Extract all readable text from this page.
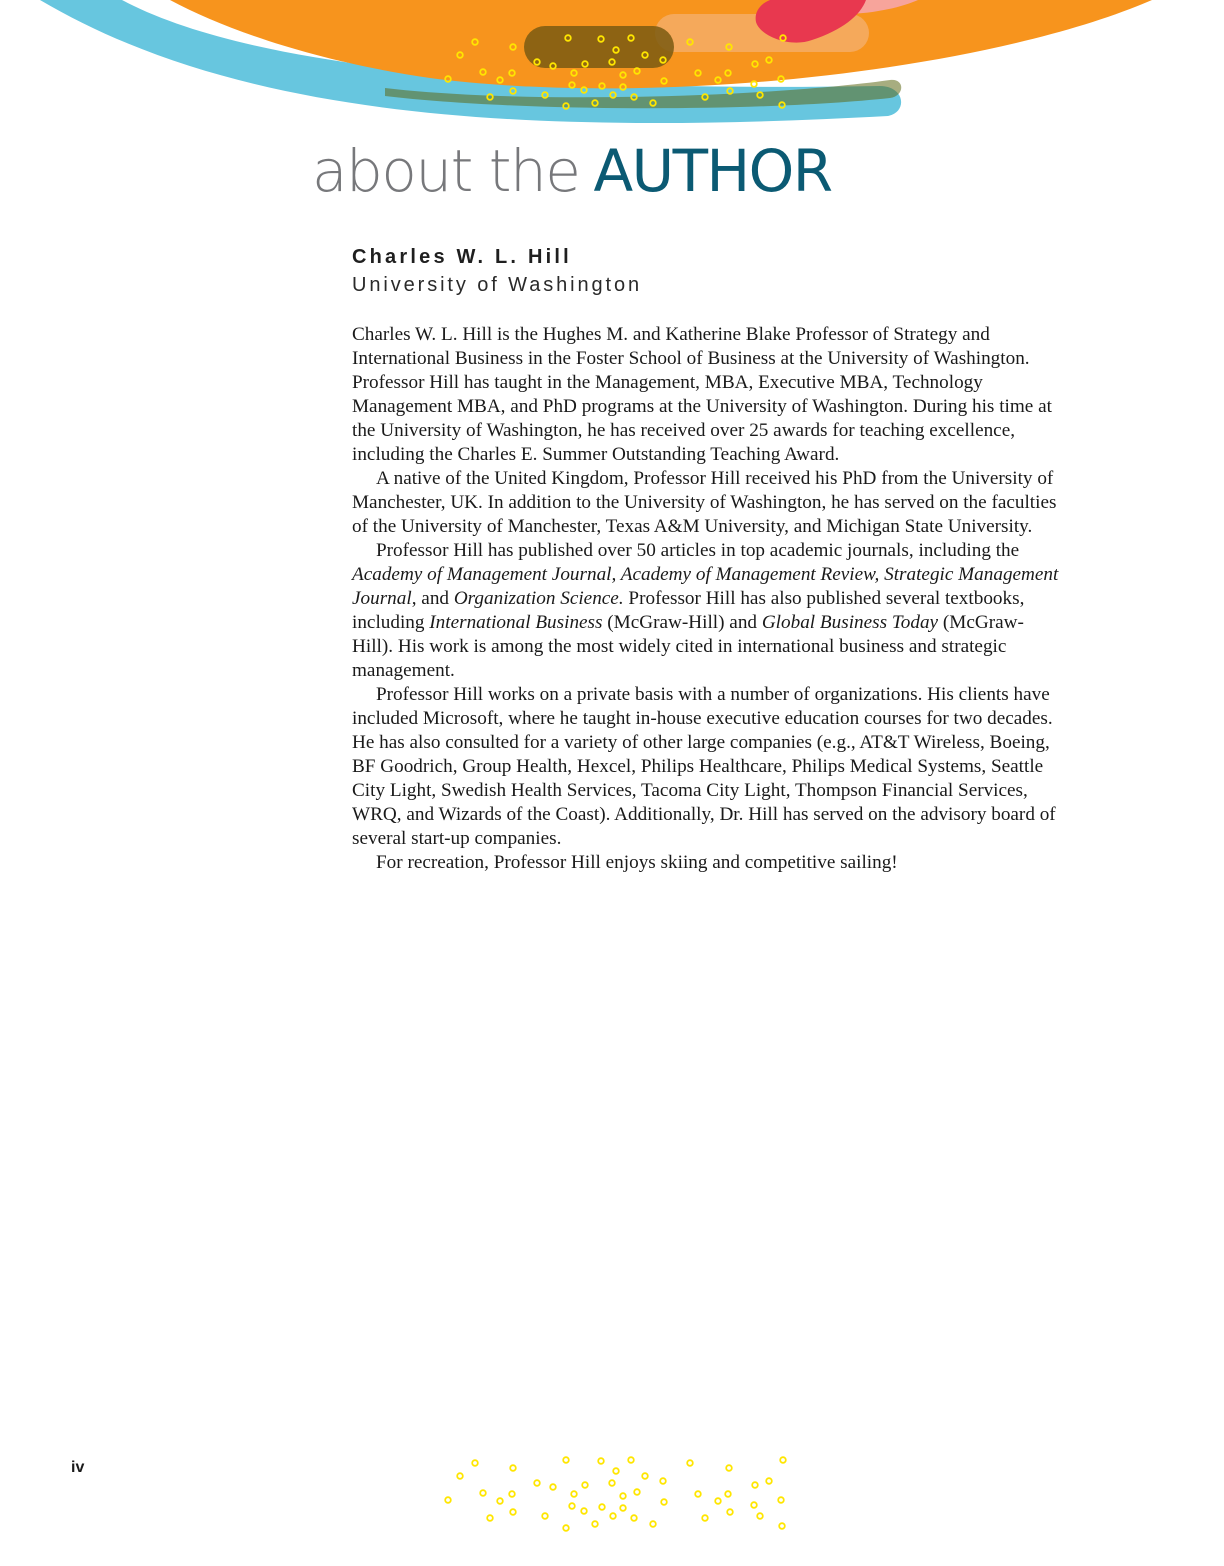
about the AUTHOR
Charles W. L. Hill
University of Washington

Charles W. L. Hill is the Hughes M. and Katherine Blake Professor of Strategy and International Business in the Foster School of Business at the University of Washington. Professor Hill has taught in the Management, MBA, Executive MBA, Technology Management MBA, and PhD programs at the University of Washington. During his time at the University of Washington, he has received over 25 awards for teaching excellence, including the Charles E. Summer Outstanding Teaching Award.

A native of the United Kingdom, Professor Hill received his PhD from the University of Manchester, UK. In addition to the University of Washington, he has served on the faculties of the University of Manchester, Texas A&M University, and Michigan State University.

Professor Hill has published over 50 articles in top academic journals, including the Academy of Management Journal, Academy of Management Review, Strategic Management Journal, and Organization Science. Professor Hill has also published several textbooks, including International Business (McGraw-Hill) and Global Business Today (McGraw-Hill). His work is among the most widely cited in international business and strategic management.

Professor Hill works on a private basis with a number of organizations. His clients have included Microsoft, where he taught in-house executive education courses for two decades. He has also consulted for a variety of other large companies (e.g., AT&T Wireless, Boeing, BF Goodrich, Group Health, Hexcel, Philips Healthcare, Philips Medical Systems, Seattle City Light, Swedish Health Services, Tacoma City Light, Thompson Financial Services, WRQ, and Wizards of the Coast). Additionally, Dr. Hill has served on the advisory board of several start-up companies.

For recreation, Professor Hill enjoys skiing and competitive sailing!

iv
